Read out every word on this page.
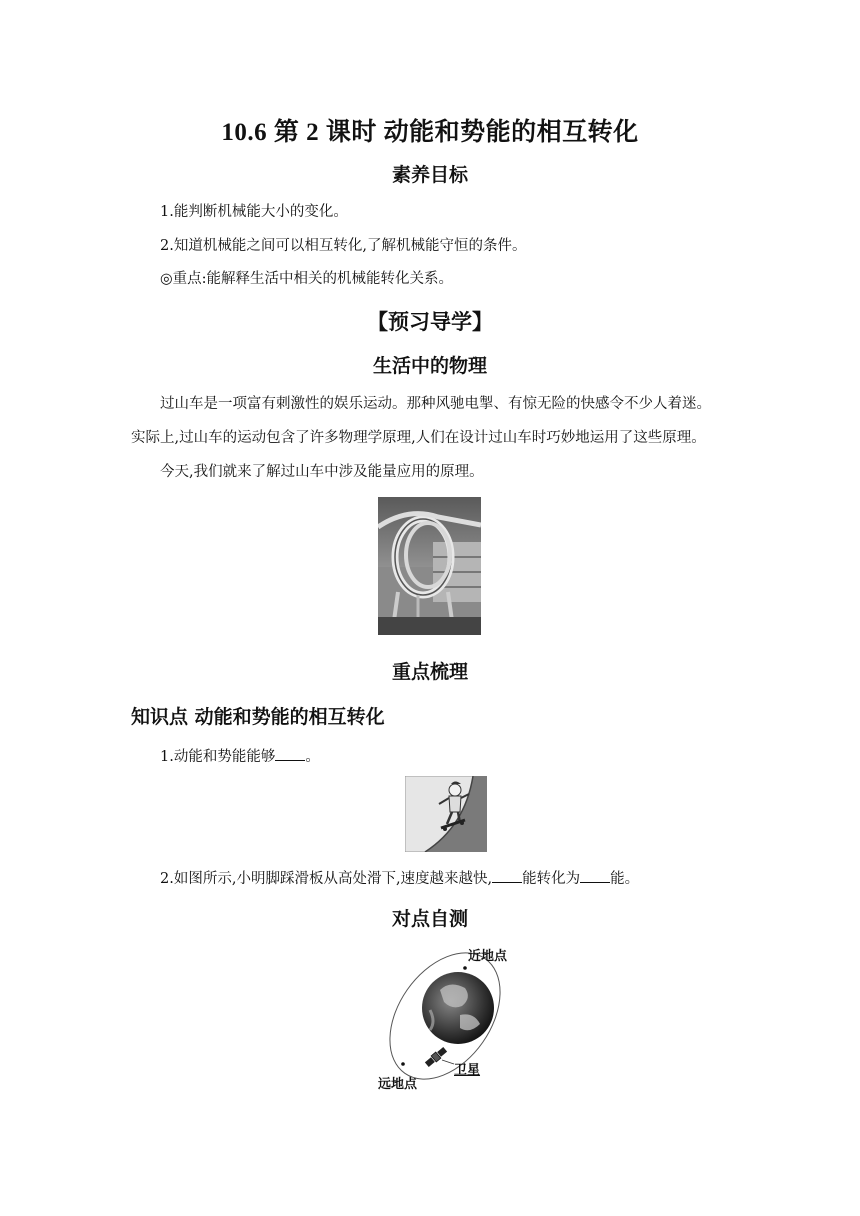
10.6 第 2 课时 动能和势能的相互转化
素养目标
1.能判断机械能大小的变化。
2.知道机械能之间可以相互转化,了解机械能守恒的条件。
◎重点:能解释生活中相关的机械能转化关系。
【预习导学】
生活中的物理
过山车是一项富有刺激性的娱乐运动。那种风驰电掣、有惊无险的快感令不少人着迷。
实际上,过山车的运动包含了许多物理学原理,人们在设计过山车时巧妙地运用了这些原理。
今天,我们就来了解过山车中涉及能量应用的原理。
重点梳理
知识点 动能和势能的相互转化
1.动能和势能能够 。
2.如图所示,小明脚踩滑板从高处滑下,速度越来越快, 能转化为 能。
对点自测
近地点
远地点
卫星
